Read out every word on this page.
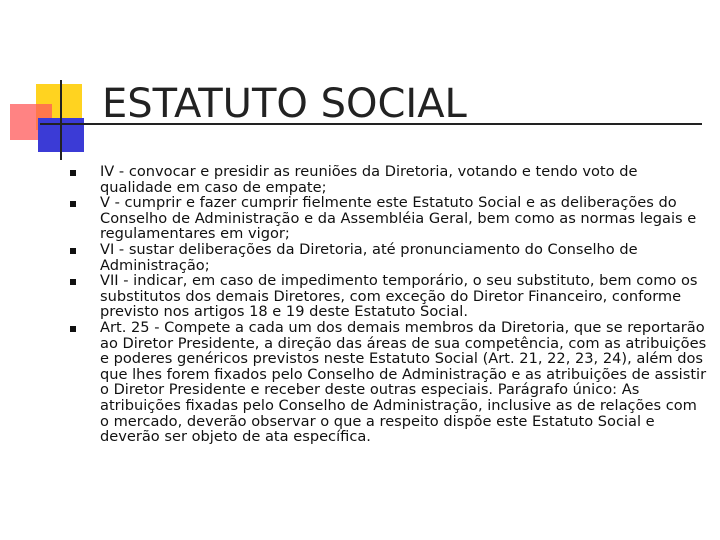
ESTATUTO SOCIAL
IV - convocar e presidir as reuniões da Diretoria, votando e tendo voto de qualidade em caso de empate;
V - cumprir e fazer cumprir fielmente este Estatuto Social e as deliberações do Conselho de Administração e da Assembléia Geral, bem como as normas legais e regulamentares em vigor;
VI - sustar deliberações da Diretoria, até pronunciamento do Conselho de Administração;
VII - indicar, em caso de impedimento temporário, o seu substituto, bem como os substitutos dos demais Diretores, com exceção do Diretor Financeiro, conforme previsto nos artigos 18 e 19 deste Estatuto Social.
Art. 25 - Compete a cada um dos demais membros da Diretoria, que se reportarão ao Diretor Presidente, a direção das áreas de sua competência, com as atribuições e poderes genéricos previstos neste Estatuto Social (Art. 21, 22, 23, 24), além dos que lhes forem fixados pelo Conselho de Administração e as atribuições de assistir o Diretor Presidente e receber deste outras especiais. Parágrafo único: As atribuições fixadas pelo Conselho de Administração, inclusive as de relações com o mercado, deverão observar o que a respeito dispõe este Estatuto Social e deverão ser objeto de ata específica.
